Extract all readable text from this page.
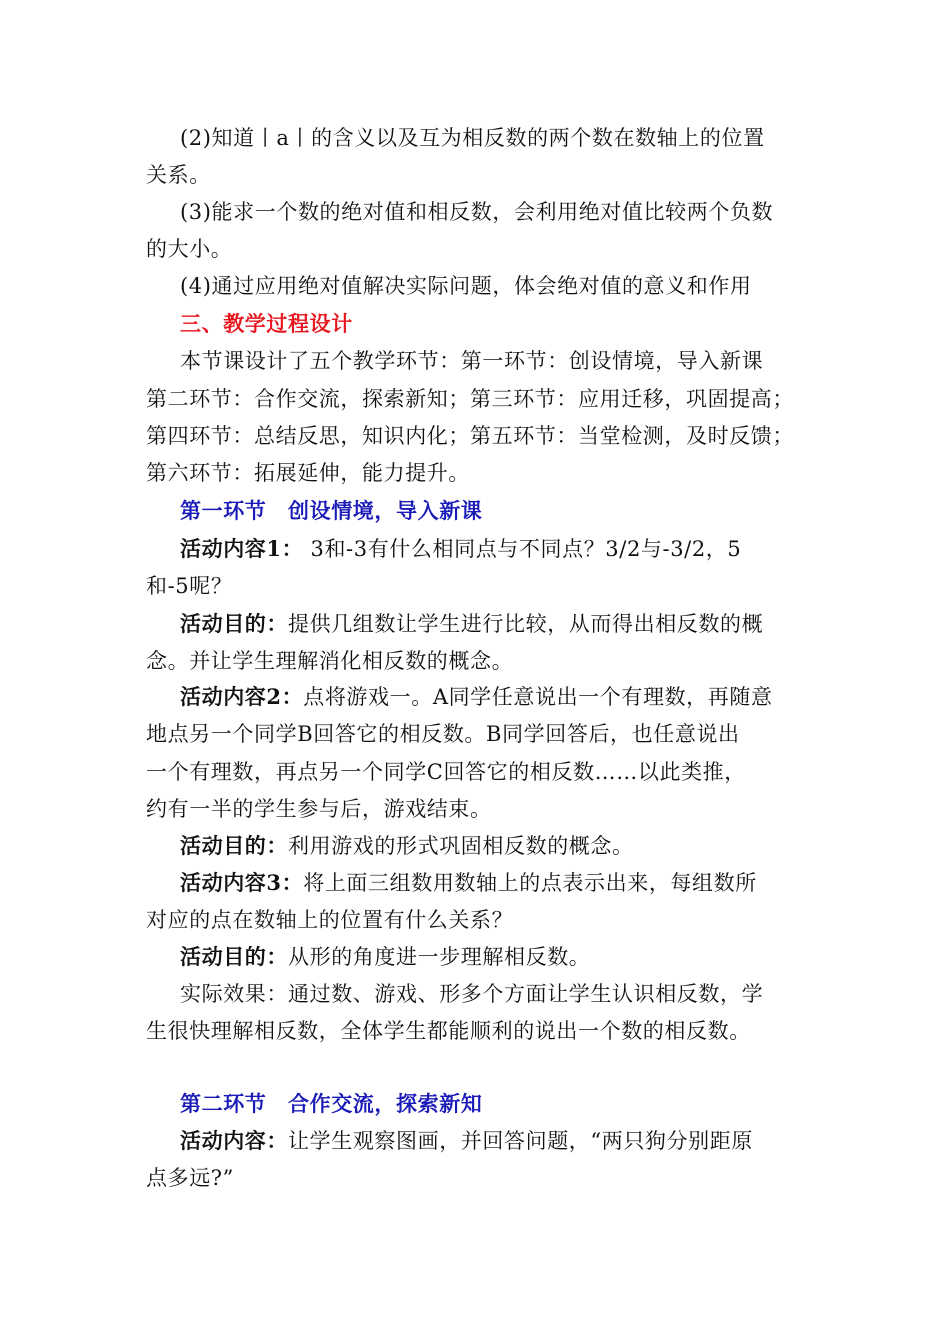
(2)知道丨a丨的含义以及互为相反数的两个数在数轴上的位置
关系。
(3)能求一个数的绝对值和相反数，会利用绝对值比较两个负数
的大小。
(4)通过应用绝对值解决实际问题，体会绝对值的意义和作用
三、教学过程设计
本节课设计了五个教学环节：第一环节：创设情境，导入新课
第二环节：合作交流，探索新知；第三环节：应用迁移，巩固提高；
第四环节：总结反思，知识内化；第五环节：当堂检测，及时反馈；
第六环节：拓展延伸，能力提升。
第一环节　创设情境，导入新课
活动内容1： 3和-3有什么相同点与不同点？3/2与-3/2，5
和-5呢？
活动目的：提供几组数让学生进行比较，从而得出相反数的概
念。并让学生理解消化相反数的概念。
活动内容2：点将游戏一。A同学任意说出一个有理数，再随意
地点另一个同学B回答它的相反数。B同学回答后，也任意说出
一个有理数，再点另一个同学C回答它的相反数……以此类推，
约有一半的学生参与后，游戏结束。
活动目的：利用游戏的形式巩固相反数的概念。
活动内容3：将上面三组数用数轴上的点表示出来，每组数所
对应的点在数轴上的位置有什么关系？
活动目的：从形的角度进一步理解相反数。
实际效果：通过数、游戏、形多个方面让学生认识相反数，学
生很快理解相反数，全体学生都能顺利的说出一个数的相反数。
第二环节　合作交流，探索新知
活动内容：让学生观察图画，并回答问题，“两只狗分别距原
点多远?”
